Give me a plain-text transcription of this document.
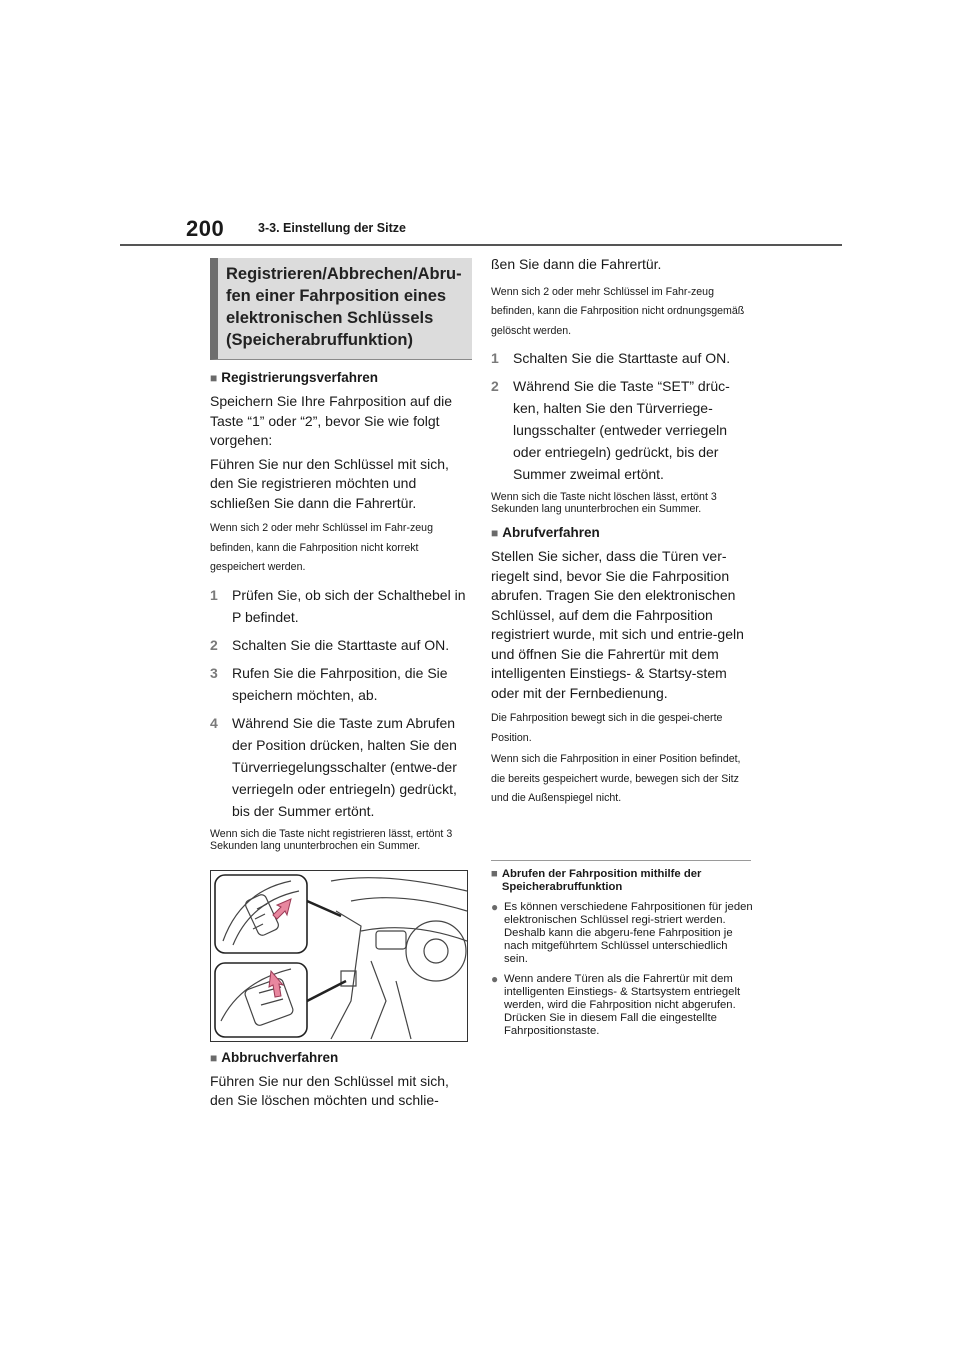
200	3-3. Einstellung der Sitze
Registrieren/Abbrechen/Abru-fen einer Fahrposition eines elektronischen Schlüssels (Speicherabruffunktion)
■ Registrierungsverfahren
Speichern Sie Ihre Fahrposition auf die Taste “1” oder “2”, bevor Sie wie folgt vorgehen:
Führen Sie nur den Schlüssel mit sich, den Sie registrieren möchten und schließen Sie dann die Fahrertür.
Wenn sich 2 oder mehr Schlüssel im Fahr-zeug befinden, kann die Fahrposition nicht korrekt gespeichert werden.
1	Prüfen Sie, ob sich der Schalthebel in P befindet.
2	Schalten Sie die Starttaste auf ON.
3	Rufen Sie die Fahrposition, die Sie speichern möchten, ab.
4	Während Sie die Taste zum Abrufen der Position drücken, halten Sie den Türverriegelungsschalter (entwe-der verriegeln oder entriegeln) gedrückt, bis der Summer ertönt.
Wenn sich die Taste nicht registrieren lässt, ertönt 3 Sekunden lang ununterbrochen ein Summer.
■ Abbruchverfahren
Führen Sie nur den Schlüssel mit sich, den Sie löschen möchten und schlie-
ßen Sie dann die Fahrertür.
Wenn sich 2 oder mehr Schlüssel im Fahr-zeug befinden, kann die Fahrposition nicht ordnungsgemäß gelöscht werden.
1	Schalten Sie die Starttaste auf ON.
2	Während Sie die Taste “SET” drüc-ken, halten Sie den Türverriege-lungsschalter (entweder verriegeln oder entriegeln) gedrückt, bis der Summer zweimal ertönt.
Wenn sich die Taste nicht löschen lässt, ertönt 3 Sekunden lang ununterbrochen ein Summer.
■ Abrufverfahren
Stellen Sie sicher, dass die Türen ver-riegelt sind, bevor Sie die Fahrposition abrufen. Tragen Sie den elektronischen Schlüssel, auf dem die Fahrposition registriert wurde, mit sich und entrie-geln und öffnen Sie die Fahrertür mit dem intelligenten Einstiegs- & Startsy-stem oder mit der Fernbedienung.
Die Fahrposition bewegt sich in die gespei-cherte Position.
Wenn sich die Fahrposition in einer Position befindet, die bereits gespeichert wurde, bewegen sich der Sitz und die Außenspiegel nicht.
■ Abrufen der Fahrposition mithilfe der Speicherabruffunktion
● Es können verschiedene Fahrpositionen für jeden elektronischen Schlüssel regi-striert werden. Deshalb kann die abgeru-fene Fahrposition je nach mitgeführtem Schlüssel unterschiedlich sein.
● Wenn andere Türen als die Fahrertür mit dem intelligenten Einstiegs- & Startsystem entriegelt werden, wird die Fahrposition nicht abgerufen. Drücken Sie in diesem Fall die eingestellte Fahrpositionstaste.
